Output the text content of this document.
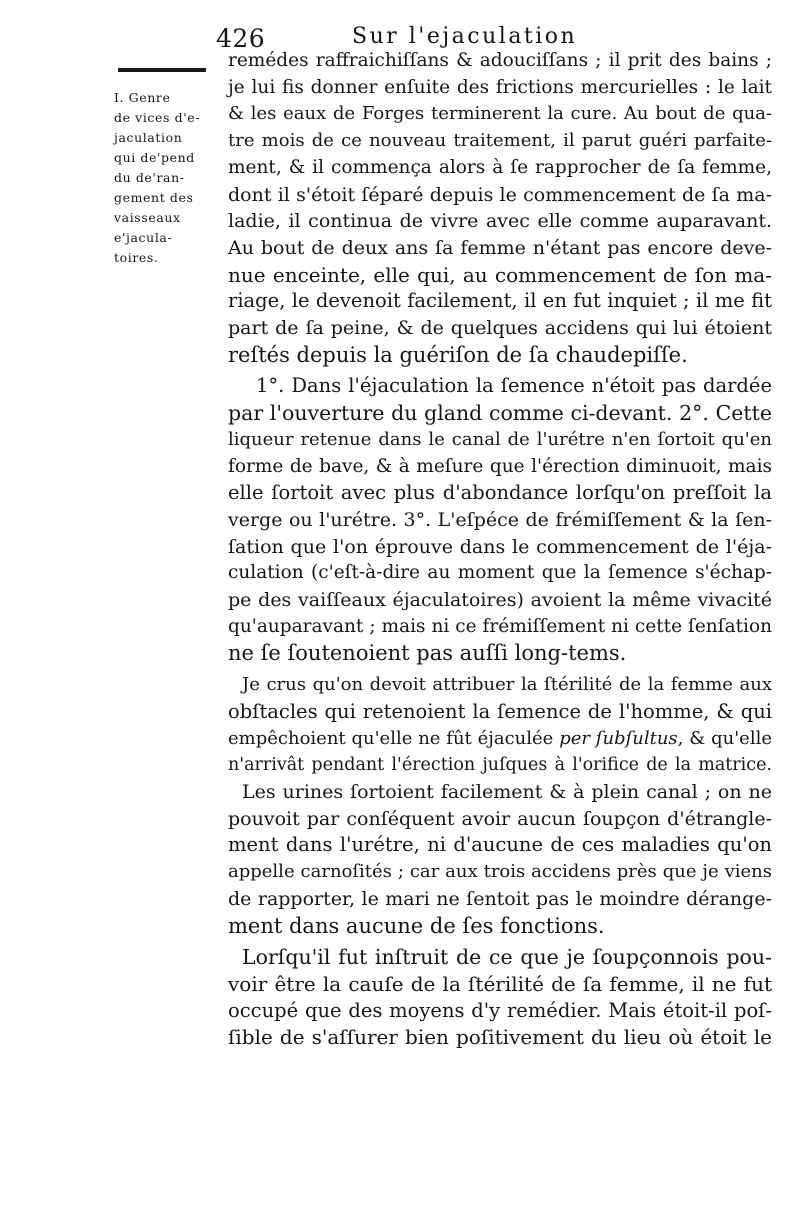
426	Sur l'ejaculation
I. Genre
de vices d'e-
jaculation
qui de'pend
du de'ran-
gement des
vaisseaux
e'jacula-
toires.
remédes raffraichiſſans & adouciſſans ; il prit des bains ;
je lui fis donner enſuite des frictions mercurielles : le lait
& les eaux de Forges terminerent la cure. Au bout de qua-
tre mois de ce nouveau traitement, il parut guéri parfaite-
ment, & il commença alors à ſe rapprocher de ſa femme,
dont il s'étoit ſéparé depuis le commencement de ſa ma-
ladie, il continua de vivre avec elle comme auparavant.
Au bout de deux ans ſa femme n'étant pas encore deve-
nue enceinte, elle qui, au commencement de ſon ma-
riage, le devenoit facilement, il en fut inquiet ; il me fit
part de ſa peine, & de quelques accidens qui lui étoient
reſtés depuis la guériſon de ſa chaudepiſſe.
1°. Dans l'éjaculation la ſemence n'étoit pas dardée
par l'ouverture du gland comme ci-devant. 2°. Cette
liqueur retenue dans le canal de l'urétre n'en ſortoit qu'en
forme de bave, & à meſure que l'érection diminuoit, mais
elle ſortoit avec plus d'abondance lorſqu'on preſſoit la
verge ou l'urétre. 3°. L'eſpéce de frémiſſement & la ſen-
ſation que l'on éprouve dans le commencement de l'éja-
culation (c'eſt-à-dire au moment que la ſemence s'échap-
pe des vaiſſeaux éjaculatoires) avoient la même vivacité
qu'auparavant ; mais ni ce frémiſſement ni cette ſenſation
ne ſe ſoutenoient pas auſſi long-tems.
Je crus qu'on devoit attribuer la ſtérilité de la femme aux
obſtacles qui retenoient la ſemence de l'homme, & qui
empêchoient qu'elle ne fût éjaculée per ſubſultus, & qu'elle
n'arrivât pendant l'érection juſques à l'orifice de la matrice.
Les urines ſortoient facilement & à plein canal ; on ne
pouvoit par conſéquent avoir aucun ſoupçon d'étrangle-
ment dans l'urétre, ni d'aucune de ces maladies qu'on
appelle carnoſités ; car aux trois accidens près que je viens
de rapporter, le mari ne ſentoit pas le moindre dérange-
ment dans aucune de ſes fonctions.
Lorſqu'il fut inſtruit de ce que je ſoupçonnois pou-
voir être la cauſe de la ſtérilité de ſa femme, il ne fut
occupé que des moyens d'y remédier. Mais étoit-il poſ-
ſible de s'aſſurer bien poſitivement du lieu où étoit le
